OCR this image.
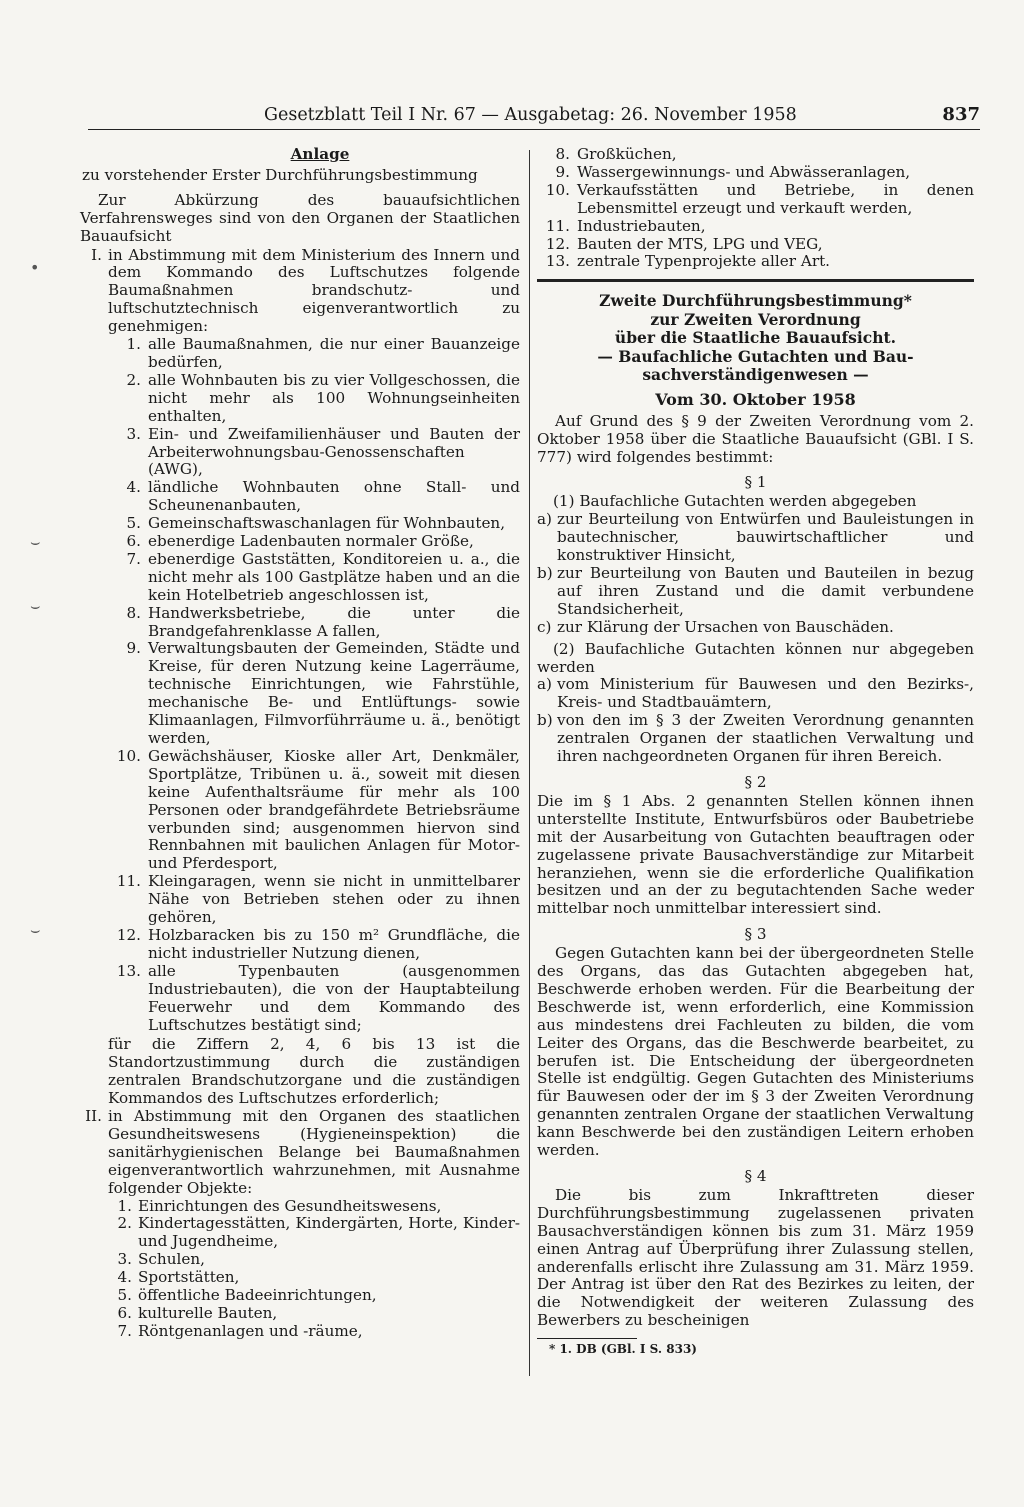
Gesetzblatt Teil I Nr. 67 — Ausgabetag: 26. November 1958	837
•
⌣
⌣
⌣
Anlage

zu vorstehender Erster Durchführungsbestimmung

Zur Abkürzung des bauaufsichtlichen Verfahrensweges sind von den Organen der Staatlichen Bauaufsicht

I. in Abstimmung mit dem Ministerium des Innern und dem Kommando des Luftschutzes folgende Baumaßnahmen brandschutz- und luftschutztechnisch eigenverantwortlich zu genehmigen:

1. alle Baumaßnahmen, die nur einer Bauanzeige bedürfen,
2. alle Wohnbauten bis zu vier Vollgeschossen, die nicht mehr als 100 Wohnungseinheiten enthalten,
3. Ein- und Zweifamilienhäuser und Bauten der Arbeiterwohnungsbau-Genossenschaften (AWG),
4. ländliche Wohnbauten ohne Stall- und Scheunenanbauten,
5. Gemeinschaftswaschanlagen für Wohnbauten,
6. ebenerdige Ladenbauten normaler Größe,
7. ebenerdige Gaststätten, Konditoreien u. a., die nicht mehr als 100 Gastplätze haben und an die kein Hotelbetrieb angeschlossen ist,
8. Handwerksbetriebe, die unter die Brandgefahrenklasse A fallen,
9. Verwaltungsbauten der Gemeinden, Städte und Kreise, für deren Nutzung keine Lagerräume, technische Einrichtungen, wie Fahrstühle, mechanische Be- und Entlüftungs- sowie Klimaanlagen, Filmvorführräume u. ä., benötigt werden,
10. Gewächshäuser, Kioske aller Art, Denkmäler, Sportplätze, Tribünen u. ä., soweit mit diesen keine Aufenthaltsräume für mehr als 100 Personen oder brandgefährdete Betriebsräume verbunden sind; ausgenommen hiervon sind Rennbahnen mit baulichen Anlagen für Motor- und Pferdesport,
11. Kleingaragen, wenn sie nicht in unmittelbarer Nähe von Betrieben stehen oder zu ihnen gehören,
12. Holzbaracken bis zu 150 m² Grundfläche, die nicht industrieller Nutzung dienen,
13. alle Typenbauten (ausgenommen Industriebauten), die von der Hauptabteilung Feuerwehr und dem Kommando des Luftschutzes bestätigt sind;

für die Ziffern 2, 4, 6 bis 13 ist die Standortzustimmung durch die zuständigen zentralen Brandschutzorgane und die zuständigen Kommandos des Luftschutzes erforderlich;

II. in Abstimmung mit den Organen des staatlichen Gesundheitswesens (Hygieneinspektion) die sanitärhygienischen Belange bei Baumaßnahmen eigenverantwortlich wahrzunehmen, mit Ausnahme folgender Objekte:

1. Einrichtungen des Gesundheitswesens,
2. Kindertagesstätten, Kindergärten, Horte, Kinder- und Jugendheime,
3. Schulen,
4. Sportstätten,
5. öffentliche Badeeinrichtungen,
6. kulturelle Bauten,
7. Röntgenanlagen und -räume,
8. Großküchen,
9. Wassergewinnungs- und Abwässeranlagen,
10. Verkaufsstätten und Betriebe, in denen Lebensmittel erzeugt und verkauft werden,
11. Industriebauten,
12. Bauten der MTS, LPG und VEG,
13. zentrale Typenprojekte aller Art.
Zweite Durchführungsbestimmung*
zur Zweiten Verordnung
über die Staatliche Bauaufsicht.
— Baufachliche Gutachten und Bau-
sachverständigenwesen —
Vom 30. Oktober 1958

Auf Grund des § 9 der Zweiten Verordnung vom 2. Oktober 1958 über die Staatliche Bauaufsicht (GBl. I S. 777) wird folgendes bestimmt:

§ 1

(1) Baufachliche Gutachten werden abgegeben

a) zur Beurteilung von Entwürfen und Bauleistungen in bautechnischer, bauwirtschaftlicher und konstruktiver Hinsicht,
b) zur Beurteilung von Bauten und Bauteilen in bezug auf ihren Zustand und die damit verbundene Standsicherheit,
c) zur Klärung der Ursachen von Bauschäden.

(2) Baufachliche Gutachten können nur abgegeben werden

a) vom Ministerium für Bauwesen und den Bezirks-, Kreis- und Stadtbauämtern,
b) von den im § 3 der Zweiten Verordnung genannten zentralen Organen der staatlichen Verwaltung und ihren nachgeordneten Organen für ihren Bereich.
§ 2

Die im § 1 Abs. 2 genannten Stellen können ihnen unterstellte Institute, Entwurfsbüros oder Baubetriebe mit der Ausarbeitung von Gutachten beauftragen oder zugelassene private Bausachverständige zur Mitarbeit heranziehen, wenn sie die erforderliche Qualifikation besitzen und an der zu begutachtenden Sache weder mittelbar noch unmittelbar interessiert sind.

§ 3

Gegen Gutachten kann bei der übergeordneten Stelle des Organs, das das Gutachten abgegeben hat, Beschwerde erhoben werden. Für die Bearbeitung der Beschwerde ist, wenn erforderlich, eine Kommission aus mindestens drei Fachleuten zu bilden, die vom Leiter des Organs, das die Beschwerde bearbeitet, zu berufen ist. Die Entscheidung der übergeordneten Stelle ist endgültig. Gegen Gutachten des Ministeriums für Bauwesen oder der im § 3 der Zweiten Verordnung genannten zentralen Organe der staatlichen Verwaltung kann Beschwerde bei den zuständigen Leitern erhoben werden.

§ 4

Die bis zum Inkrafttreten dieser Durchführungsbestimmung zugelassenen privaten Bausachverständigen können bis zum 31. März 1959 einen Antrag auf Überprüfung ihrer Zulassung stellen, anderenfalls erlischt ihre Zulassung am 31. März 1959. Der Antrag ist über den Rat des Bezirkes zu leiten, der die Notwendigkeit der weiteren Zulassung des Bewerbers zu bescheinigen

* 1. DB (GBl. I S. 833)
